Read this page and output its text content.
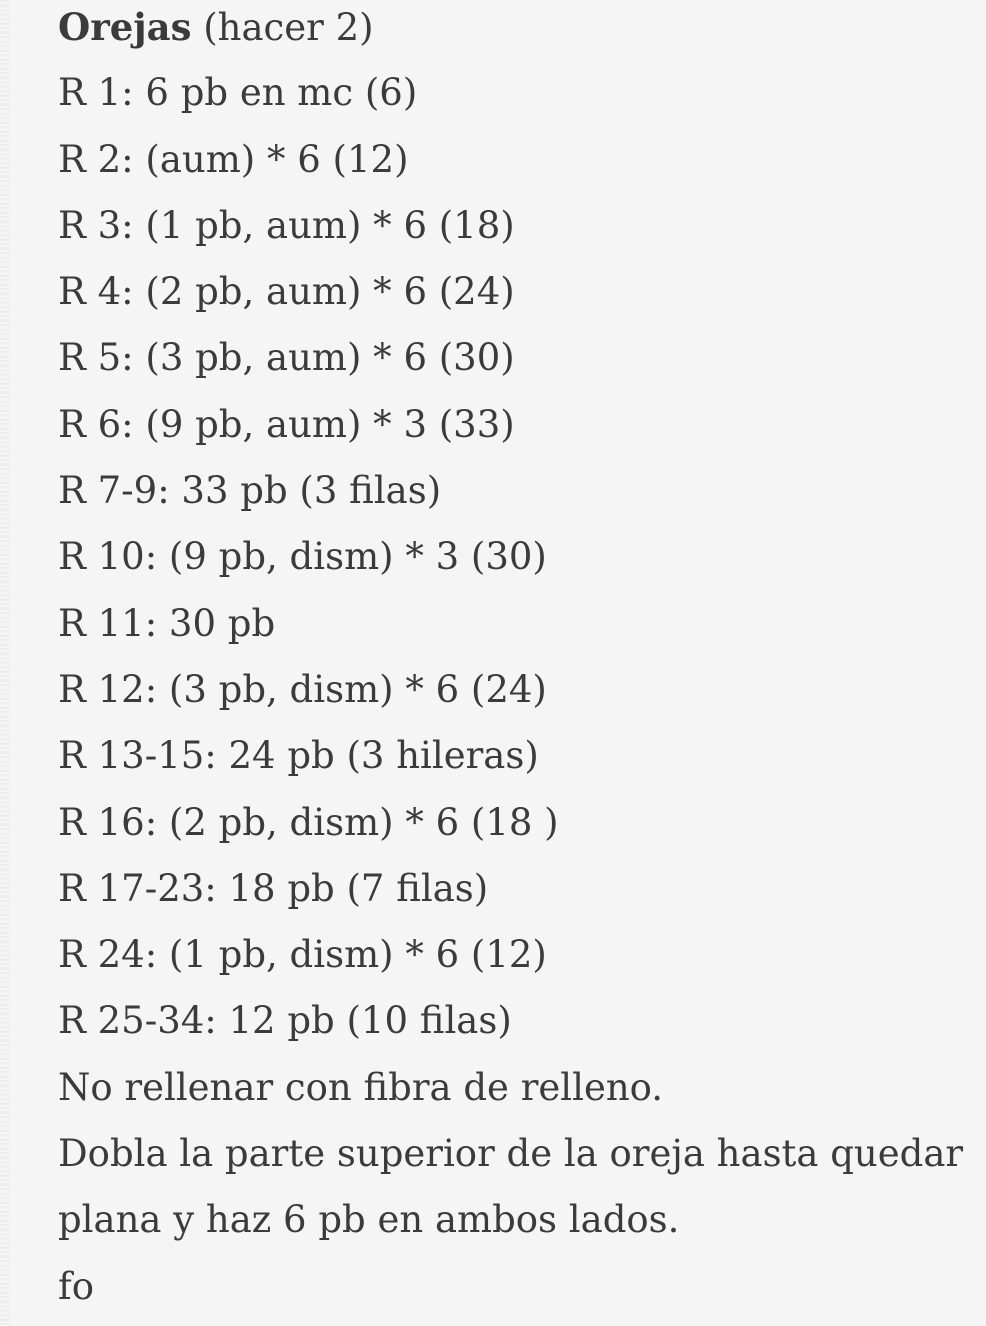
Orejas (hacer 2)
R 1: 6 pb en mc (6)
R 2: (aum) * 6 (12)
R 3: (1 pb, aum) * 6 (18)
R 4: (2 pb, aum) * 6 (24)
R 5: (3 pb, aum) * 6 (30)
R 6: (9 pb, aum) * 3 (33)
R 7-9: 33 pb (3 filas)
R 10: (9 pb, dism) * 3 (30)
R 11: 30 pb
R 12: (3 pb, dism) * 6 (24)
R 13-15: 24 pb (3 hileras)
R 16: (2 pb, dism) * 6 (18 )
R 17-23: 18 pb (7 filas)
R 24: (1 pb, dism) * 6 (12)
R 25-34: 12 pb (10 filas)
No rellenar con fibra de relleno.
Dobla la parte superior de la oreja hasta quedar
plana y haz 6 pb en ambos lados.
fo
